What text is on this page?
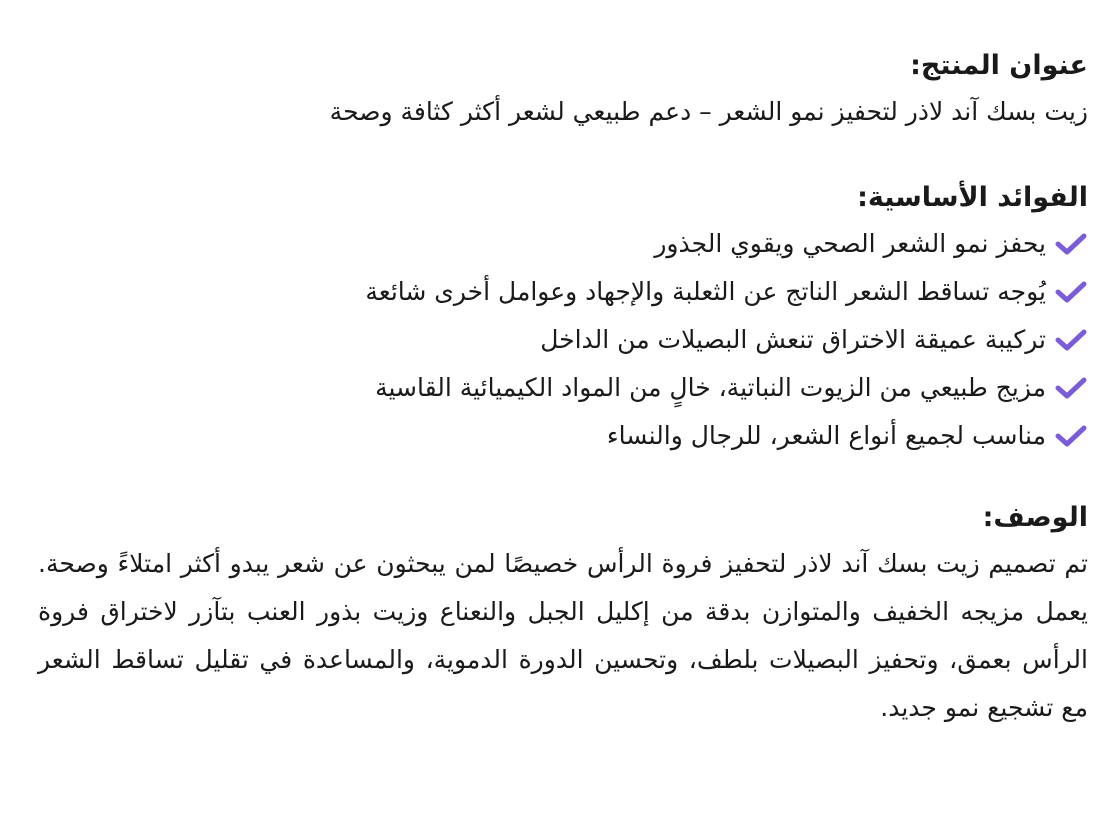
عنوان المنتج:

زيت بسك آند لاذر لتحفيز نمو الشعر – دعم طبيعي لشعر أكثر كثافة وصحة

الفوائد الأساسية:
يحفز نمو الشعر الصحي ويقوي الجذور
يُوجه تساقط الشعر الناتج عن الثعلبة والإجهاد وعوامل أخرى شائعة
تركيبة عميقة الاختراق تنعش البصيلات من الداخل
مزيج طبيعي من الزيوت النباتية، خالٍ من المواد الكيميائية القاسية
مناسب لجميع أنواع الشعر، للرجال والنساء
الوصف:

تم تصميم زيت بسك آند لاذر لتحفيز فروة الرأس خصيصًا لمن يبحثون عن شعر يبدو أكثر امتلاءً وصحة. يعمل مزيجه الخفيف والمتوازن بدقة من إكليل الجبل والنعناع وزيت بذور العنب بتآزر لاختراق فروة الرأس بعمق، وتحفيز البصيلات بلطف، وتحسين الدورة الدموية، والمساعدة في تقليل تساقط الشعر مع تشجيع نمو جديد.
